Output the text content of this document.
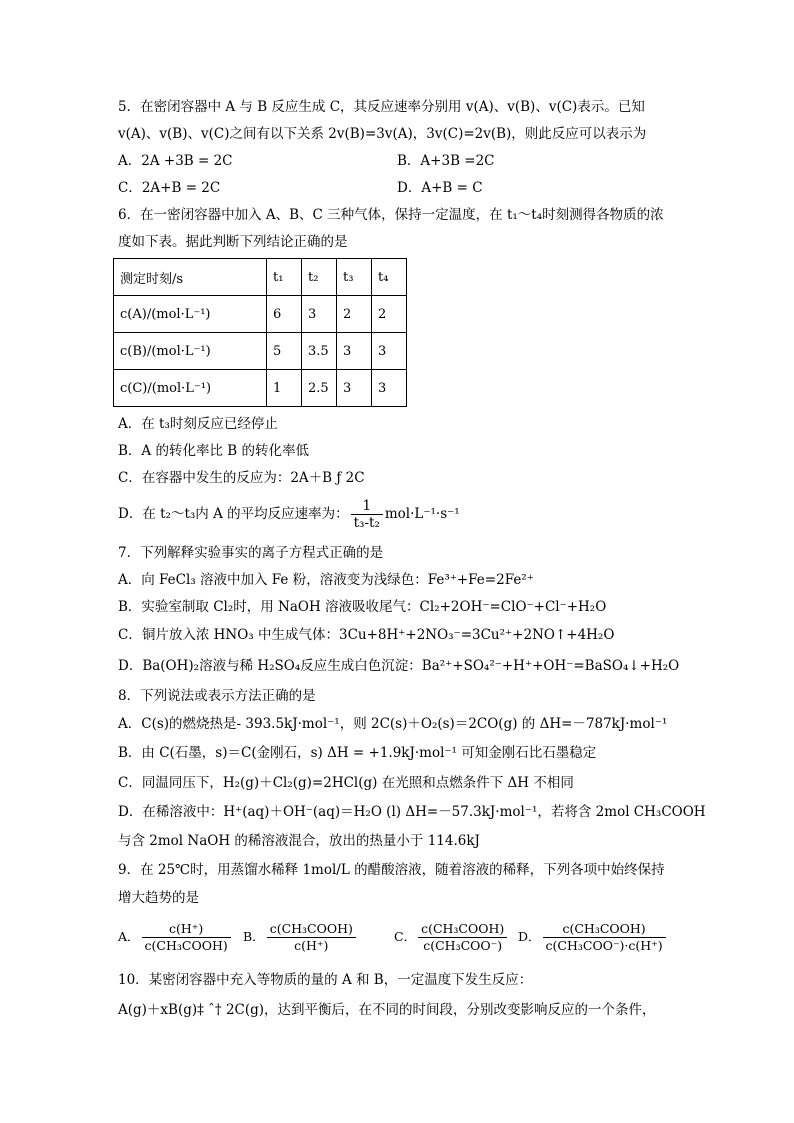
5．在密闭容器中 A 与 B 反应生成 C，其反应速率分别用 v(A)、v(B)、v(C)表示。已知
v(A)、v(B)、v(C)之间有以下关系 2v(B)=3v(A)，3v(C)=2v(B)，则此反应可以表示为
A．2A +3B = 2C	B．A+3B =2C
C．2A+B = 2C	D．A+B = C
6．在一密闭容器中加入 A、B、C 三种气体，保持一定温度，在 t₁～t₄时刻测得各物质的浓
度如下表。据此判断下列结论正确的是
测定时刻/s	t₁	t₂	t₃	t₄
c(A)/(mol·L⁻¹)	6	3	2	2
c(B)/(mol·L⁻¹)	5	3.5	3	3
c(C)/(mol·L⁻¹)	1	2.5	3	3
A．在 t₃时刻反应已经停止
B．A 的转化率比 B 的转化率低
C．在容器中发生的反应为：2A＋B ƒ 2C
D．在 t₂～t₃内 A 的平均反应速率为： $\frac{1}{\text{t₃-t₂}} mol\cdot L^{-1}\cdot s^{-1}$
7．下列解释实验事实的离子方程式正确的是
A．向 FeCl₃ 溶液中加入 Fe 粉，溶液变为浅绿色：Fe³⁺+Fe=2Fe²⁺
B．实验室制取 Cl₂时，用 NaOH 溶液吸收尾气：Cl₂+2OH⁻=ClO⁻+Cl⁻+H₂O
C．铜片放入浓 HNO₃ 中生成气体：3Cu+8H⁺+2NO₃⁻=3Cu²⁺+2NO↑+4H₂O
D．Ba(OH)₂溶液与稀 H₂SO₄反应生成白色沉淀：Ba²⁺+SO₄²⁻+H⁺+OH⁻=BaSO₄↓+H₂O
8．下列说法或表示方法正确的是
A．C(s)的燃烧热是- 393.5kJ·mol⁻¹，则 2C(s)＋O₂(s)＝2CO(g) 的 ΔH=－787kJ·mol⁻¹
B．由 C(石墨，s)＝C(金刚石，s) ΔH = +1.9kJ·mol⁻¹ 可知金刚石比石墨稳定
C．同温同压下，H₂(g)＋Cl₂(g)=2HCl(g) 在光照和点燃条件下 ΔH 不相同
D．在稀溶液中：H⁺(aq)＋OH⁻(aq)＝H₂O (l) ΔH=－57.3kJ·mol⁻¹，若将含 2mol CH₃COOH
与含 2mol NaOH 的稀溶液混合，放出的热量小于 114.6kJ
9．在 25℃时，用蒸馏水稀释 1mol/L 的醋酸溶液，随着溶液的稀释，下列各项中始终保持
增大趋势的是
A． $\frac{c(H^+)}{\text{c(CH₃COOH)}}$ B． $\frac{\text{c(CH₃COOH)}}{c(H^+)}$	C． $\frac{\text{c(CH₃COOH)}}{\text{c(CH₃COO⁻)}}$ D． $\frac{\text{c(CH₃COOH)}}{\text{c(CH₃COO⁻)·c(H⁺)}}$
10．某密闭容器中充入等物质的量的 A 和 B，一定温度下发生反应：
A(g)＋xB(g)‡ ˆ† 2C(g)，达到平衡后，在不同的时间段，分别改变影响反应的一个条件，
